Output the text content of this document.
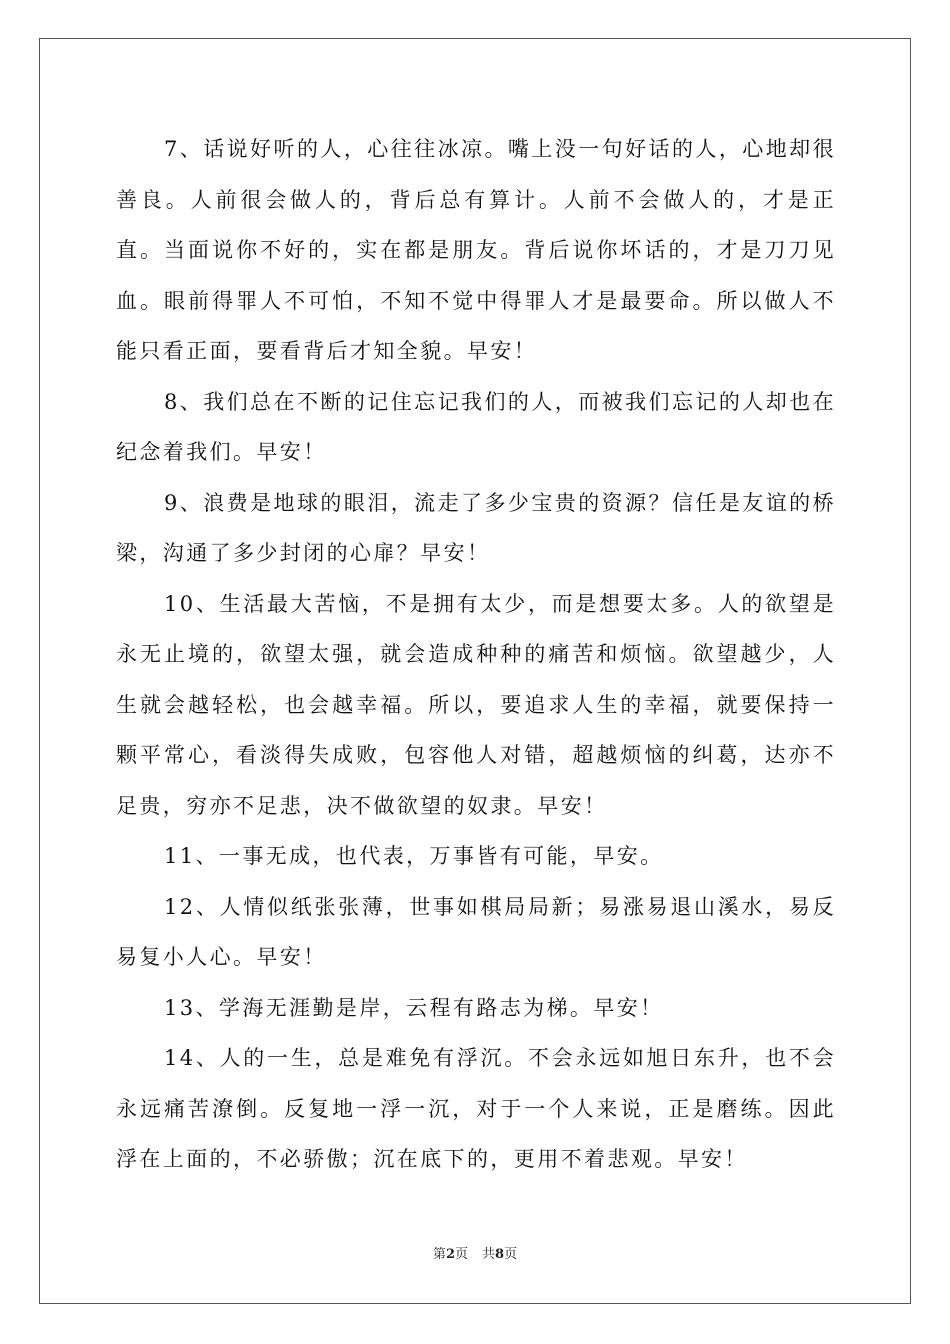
7、话说好听的人，心往往冰凉。嘴上没一句好话的人，心地却很善良。人前很会做人的，背后总有算计。人前不会做人的，才是正直。当面说你不好的，实在都是朋友。背后说你坏话的，才是刀刀见血。眼前得罪人不可怕，不知不觉中得罪人才是最要命。所以做人不能只看正面，要看背后才知全貌。早安！

8、我们总在不断的记住忘记我们的人，而被我们忘记的人却也在纪念着我们。早安！

9、浪费是地球的眼泪，流走了多少宝贵的资源？信任是友谊的桥梁，沟通了多少封闭的心扉？早安！

10、生活最大苦恼，不是拥有太少，而是想要太多。人的欲望是永无止境的，欲望太强，就会造成种种的痛苦和烦恼。欲望越少，人生就会越轻松，也会越幸福。所以，要追求人生的幸福，就要保持一颗平常心，看淡得失成败，包容他人对错，超越烦恼的纠葛，达亦不足贵，穷亦不足悲，决不做欲望的奴隶。早安！

11、一事无成，也代表，万事皆有可能，早安。

12、人情似纸张张薄，世事如棋局局新；易涨易退山溪水，易反易复小人心。早安！

13、学海无涯勤是岸，云程有路志为梯。早安！

14、人的一生，总是难免有浮沉。不会永远如旭日东升，也不会永远痛苦潦倒。反复地一浮一沉，对于一个人来说，正是磨练。因此浮在上面的，不必骄傲；沉在底下的，更用不着悲观。早安！

第2页 共8页
